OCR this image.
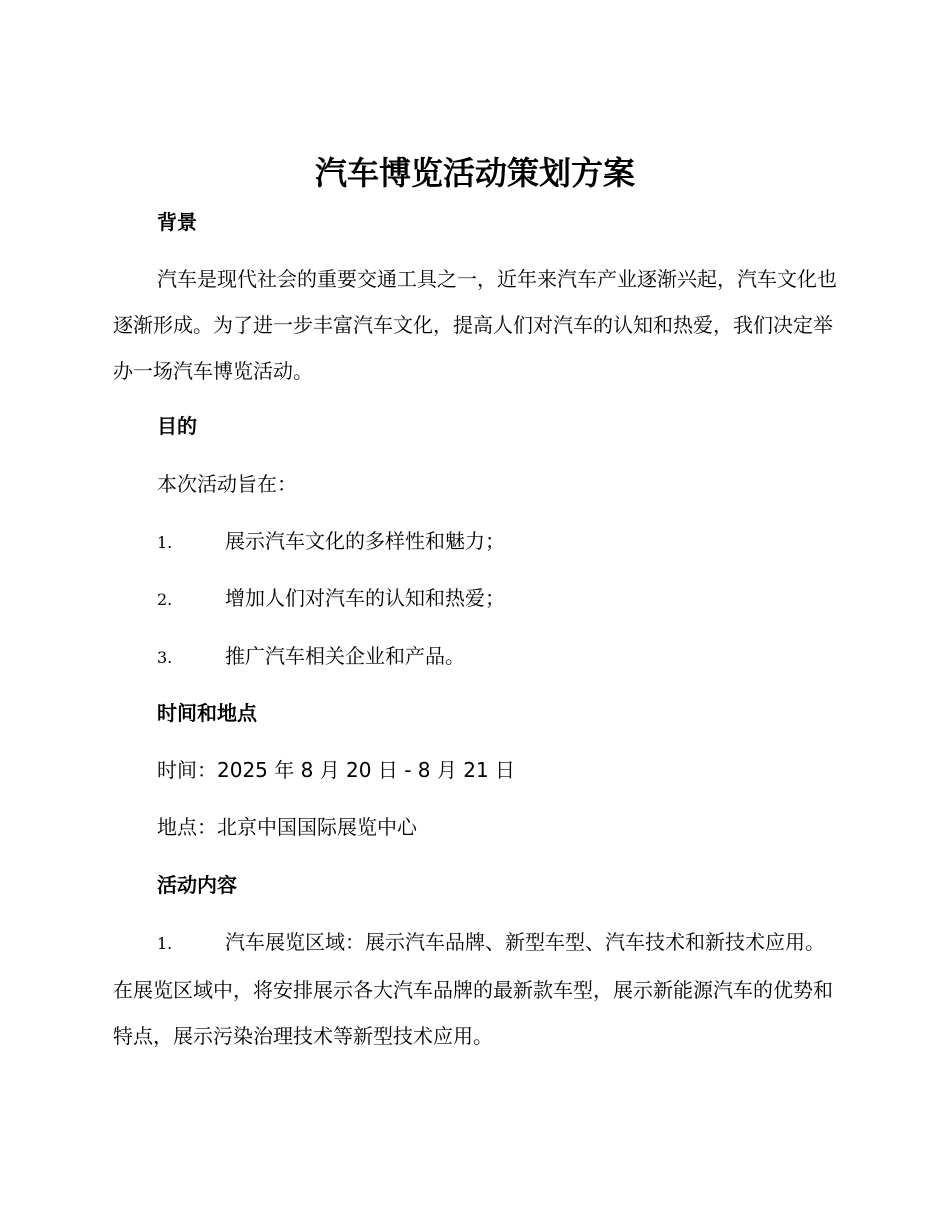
汽车博览活动策划方案
背景

汽车是现代社会的重要交通工具之一，近年来汽车产业逐渐兴起，汽车文化也逐渐形成。为了进一步丰富汽车文化，提高人们对汽车的认知和热爱，我们决定举办一场汽车博览活动。

目的
本次活动旨在：
1.	展示汽车文化的多样性和魅力；
2.	增加人们对汽车的认知和热爱；
3.	推广汽车相关企业和产品。
时间和地点
时间：2025 年 8 月 20 日 - 8 月 21 日
地点：北京中国国际展览中心
活动内容

1.	汽车展览区域：展示汽车品牌、新型车型、汽车技术和新技术应用。在展览区域中，将安排展示各大汽车品牌的最新款车型，展示新能源汽车的优势和特点，展示污染治理技术等新型技术应用。
